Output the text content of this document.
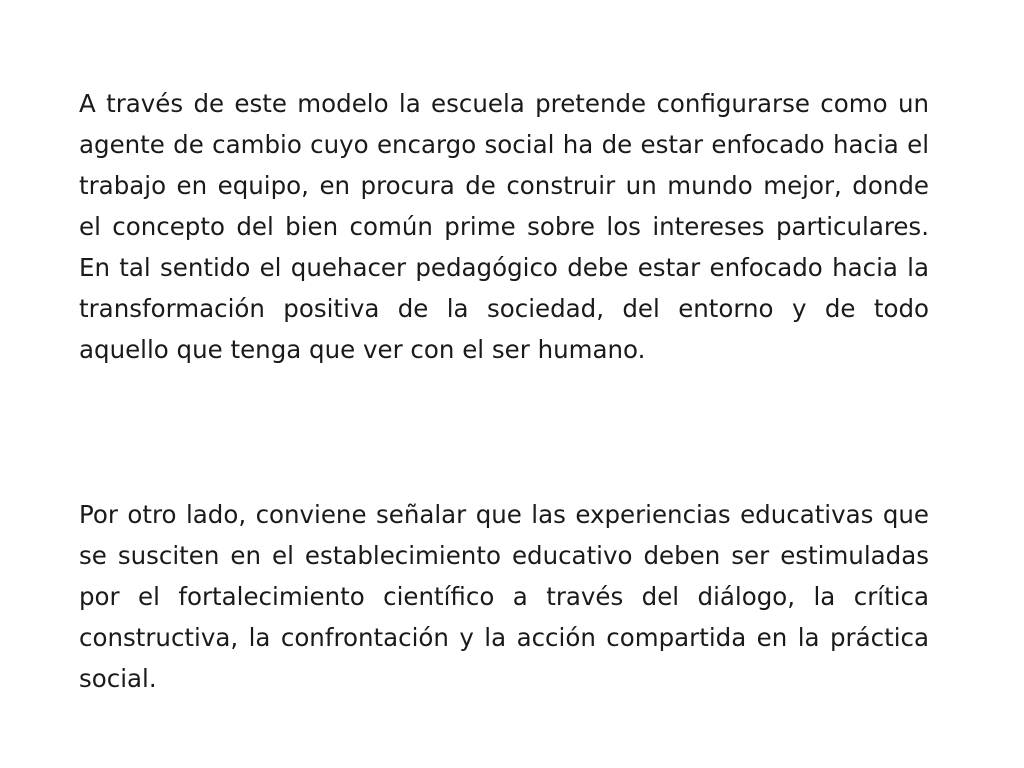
A través de este modelo la escuela pretende configurarse como un agente de cambio cuyo encargo social ha de estar enfocado hacia el trabajo en equipo, en procura de construir un mundo mejor, donde el concepto del bien común prime sobre los intereses particulares. En tal sentido el quehacer pedagógico debe estar enfocado hacia la transformación positiva de la sociedad, del entorno y de todo aquello que tenga que ver con el ser humano.

Por otro lado, conviene señalar que las experiencias educativas que se susciten en el establecimiento educativo deben ser estimuladas por el fortalecimiento científico a través del diálogo, la crítica constructiva, la confrontación y la acción compartida en la práctica social.
